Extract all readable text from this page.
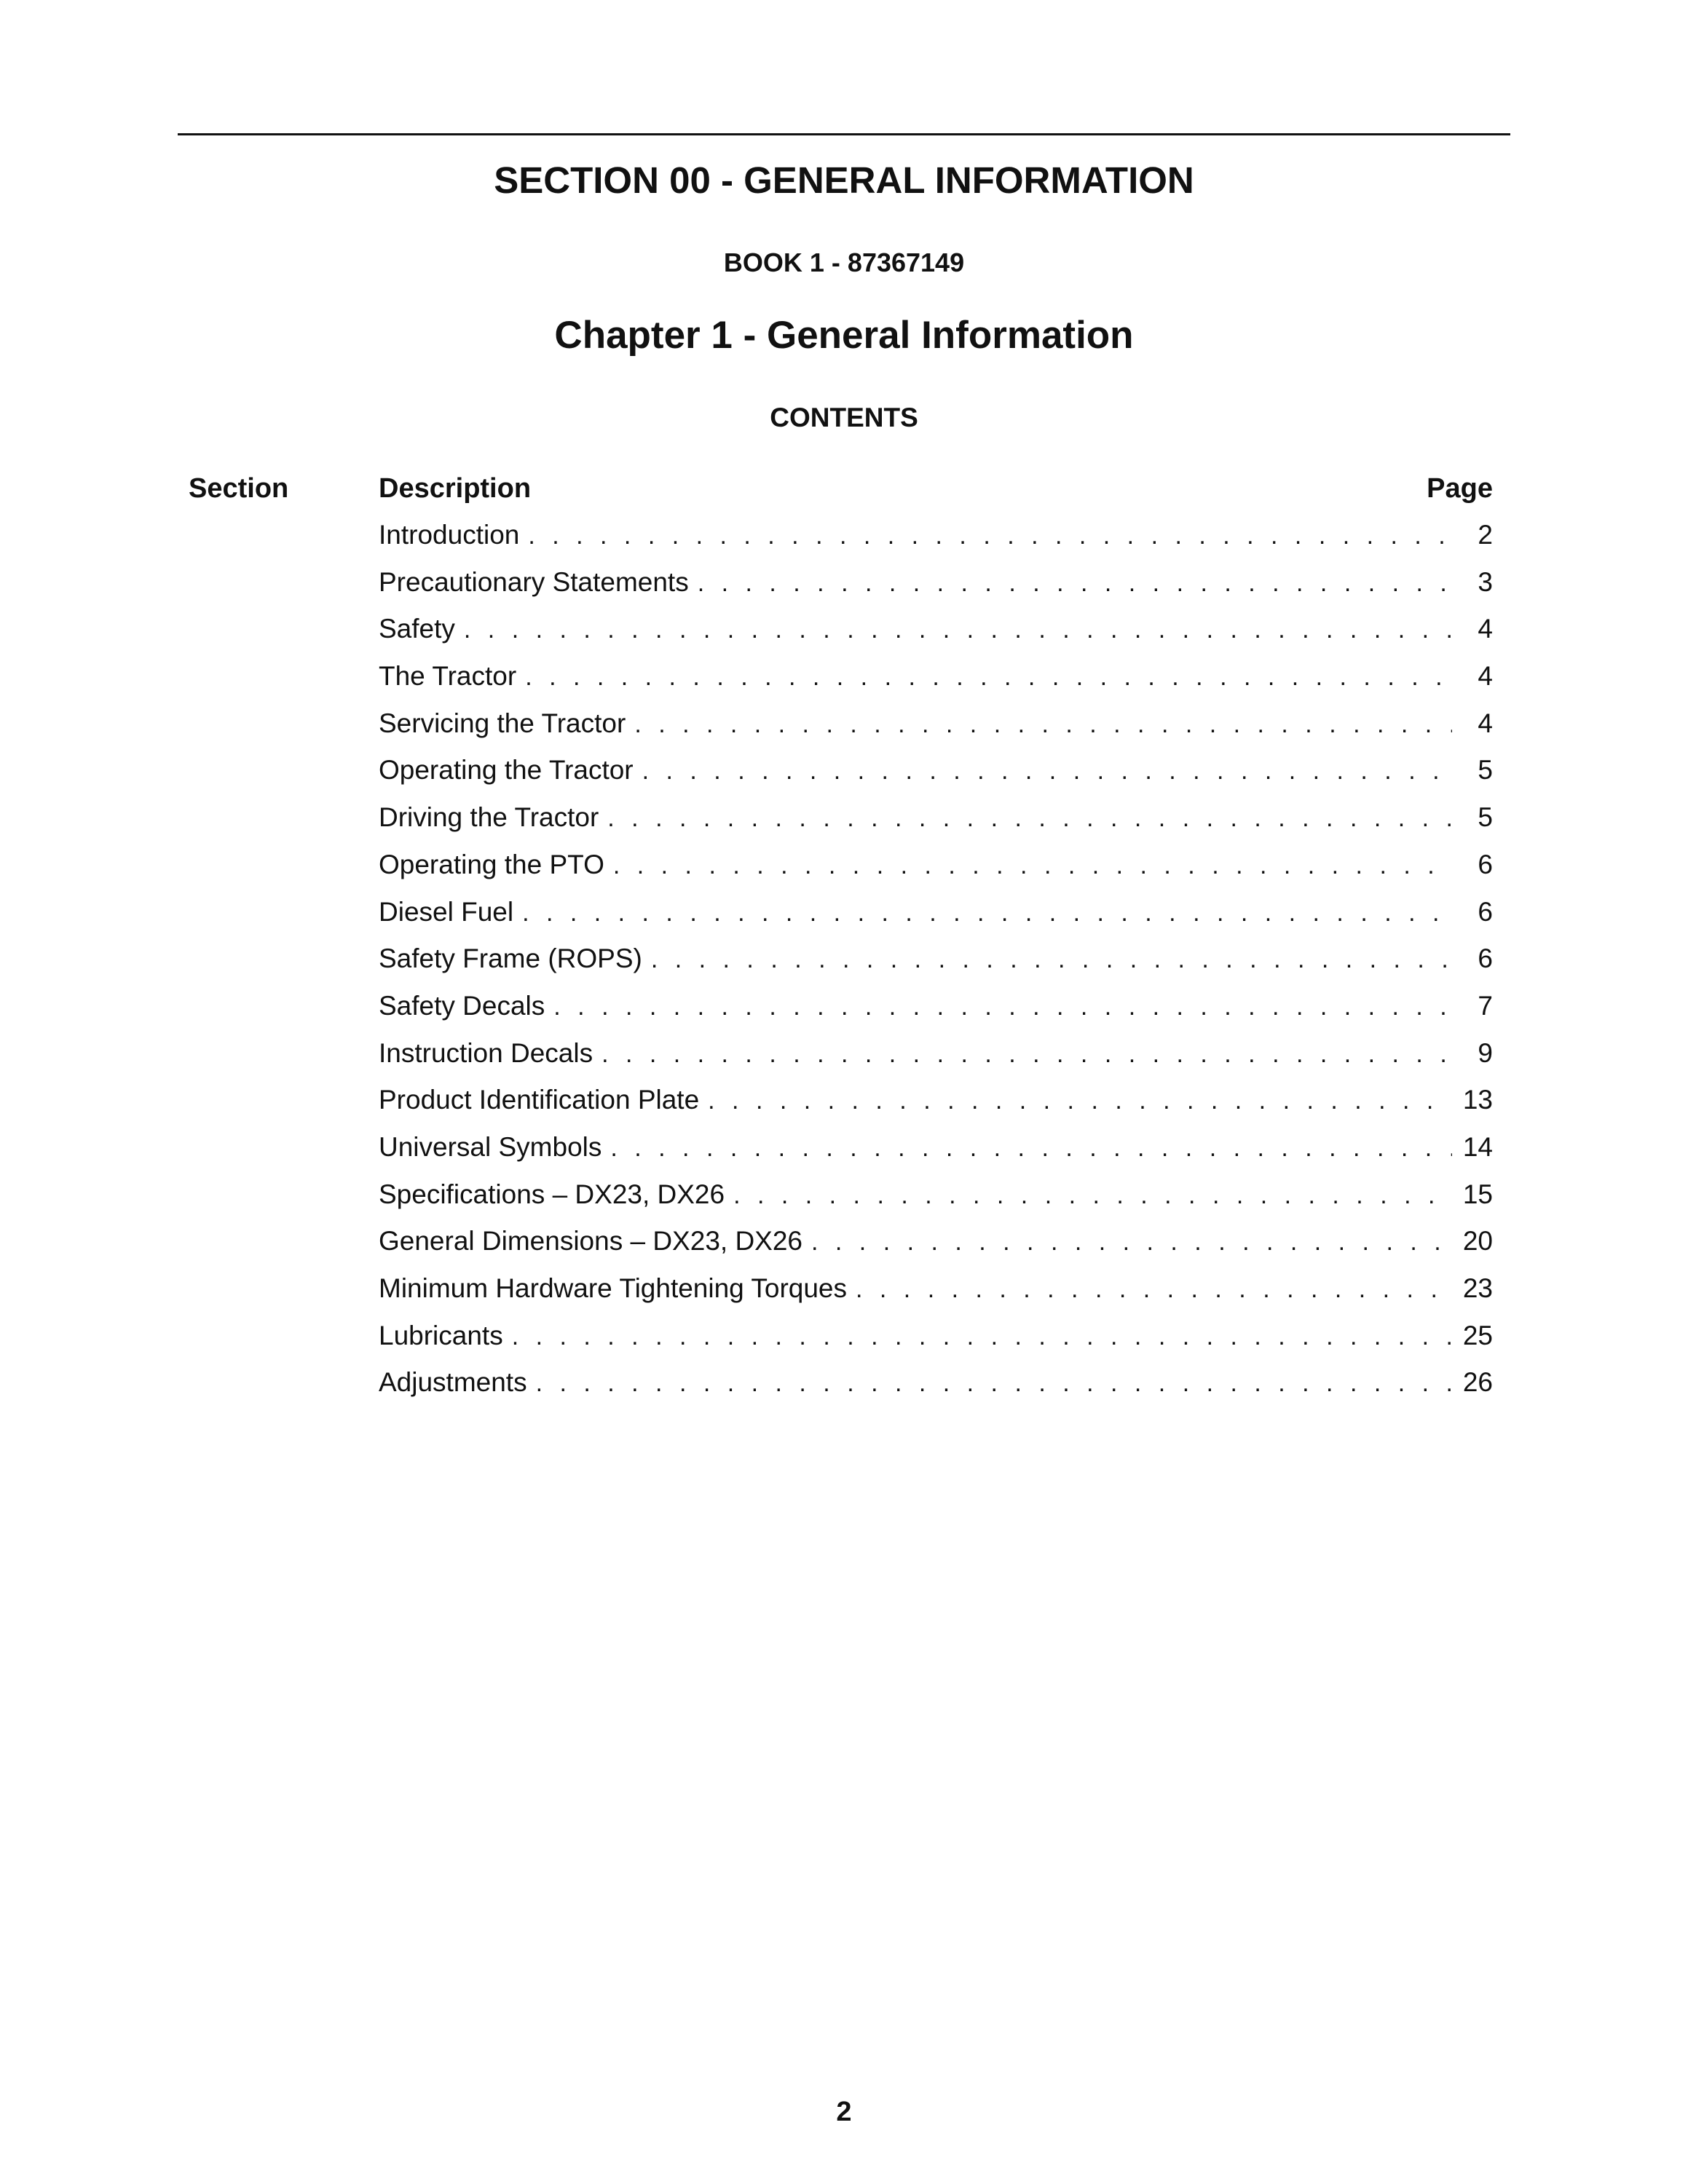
SECTION 00 - GENERAL INFORMATION
BOOK 1 - 87367149
Chapter 1 - General Information
CONTENTS
Section	Description	Page
Introduction . . .	2
Precautionary Statements . . .	3
Safety . . .	4
The Tractor . . .	4
Servicing the Tractor . . .	4
Operating the Tractor . . .	5
Driving the Tractor . . .	5
Operating the PTO . . .	6
Diesel Fuel . . .	6
Safety Frame (ROPS) . . .	6
Safety Decals . . .	7
Instruction Decals . . .	9
Product Identification Plate . . .	13
Universal Symbols . . .	14
Specifications – DX23, DX26 . . .	15
General Dimensions – DX23, DX26 . . .	20
Minimum Hardware Tightening Torques . . .	23
Lubricants . . .	25
Adjustments . . .	26
2
